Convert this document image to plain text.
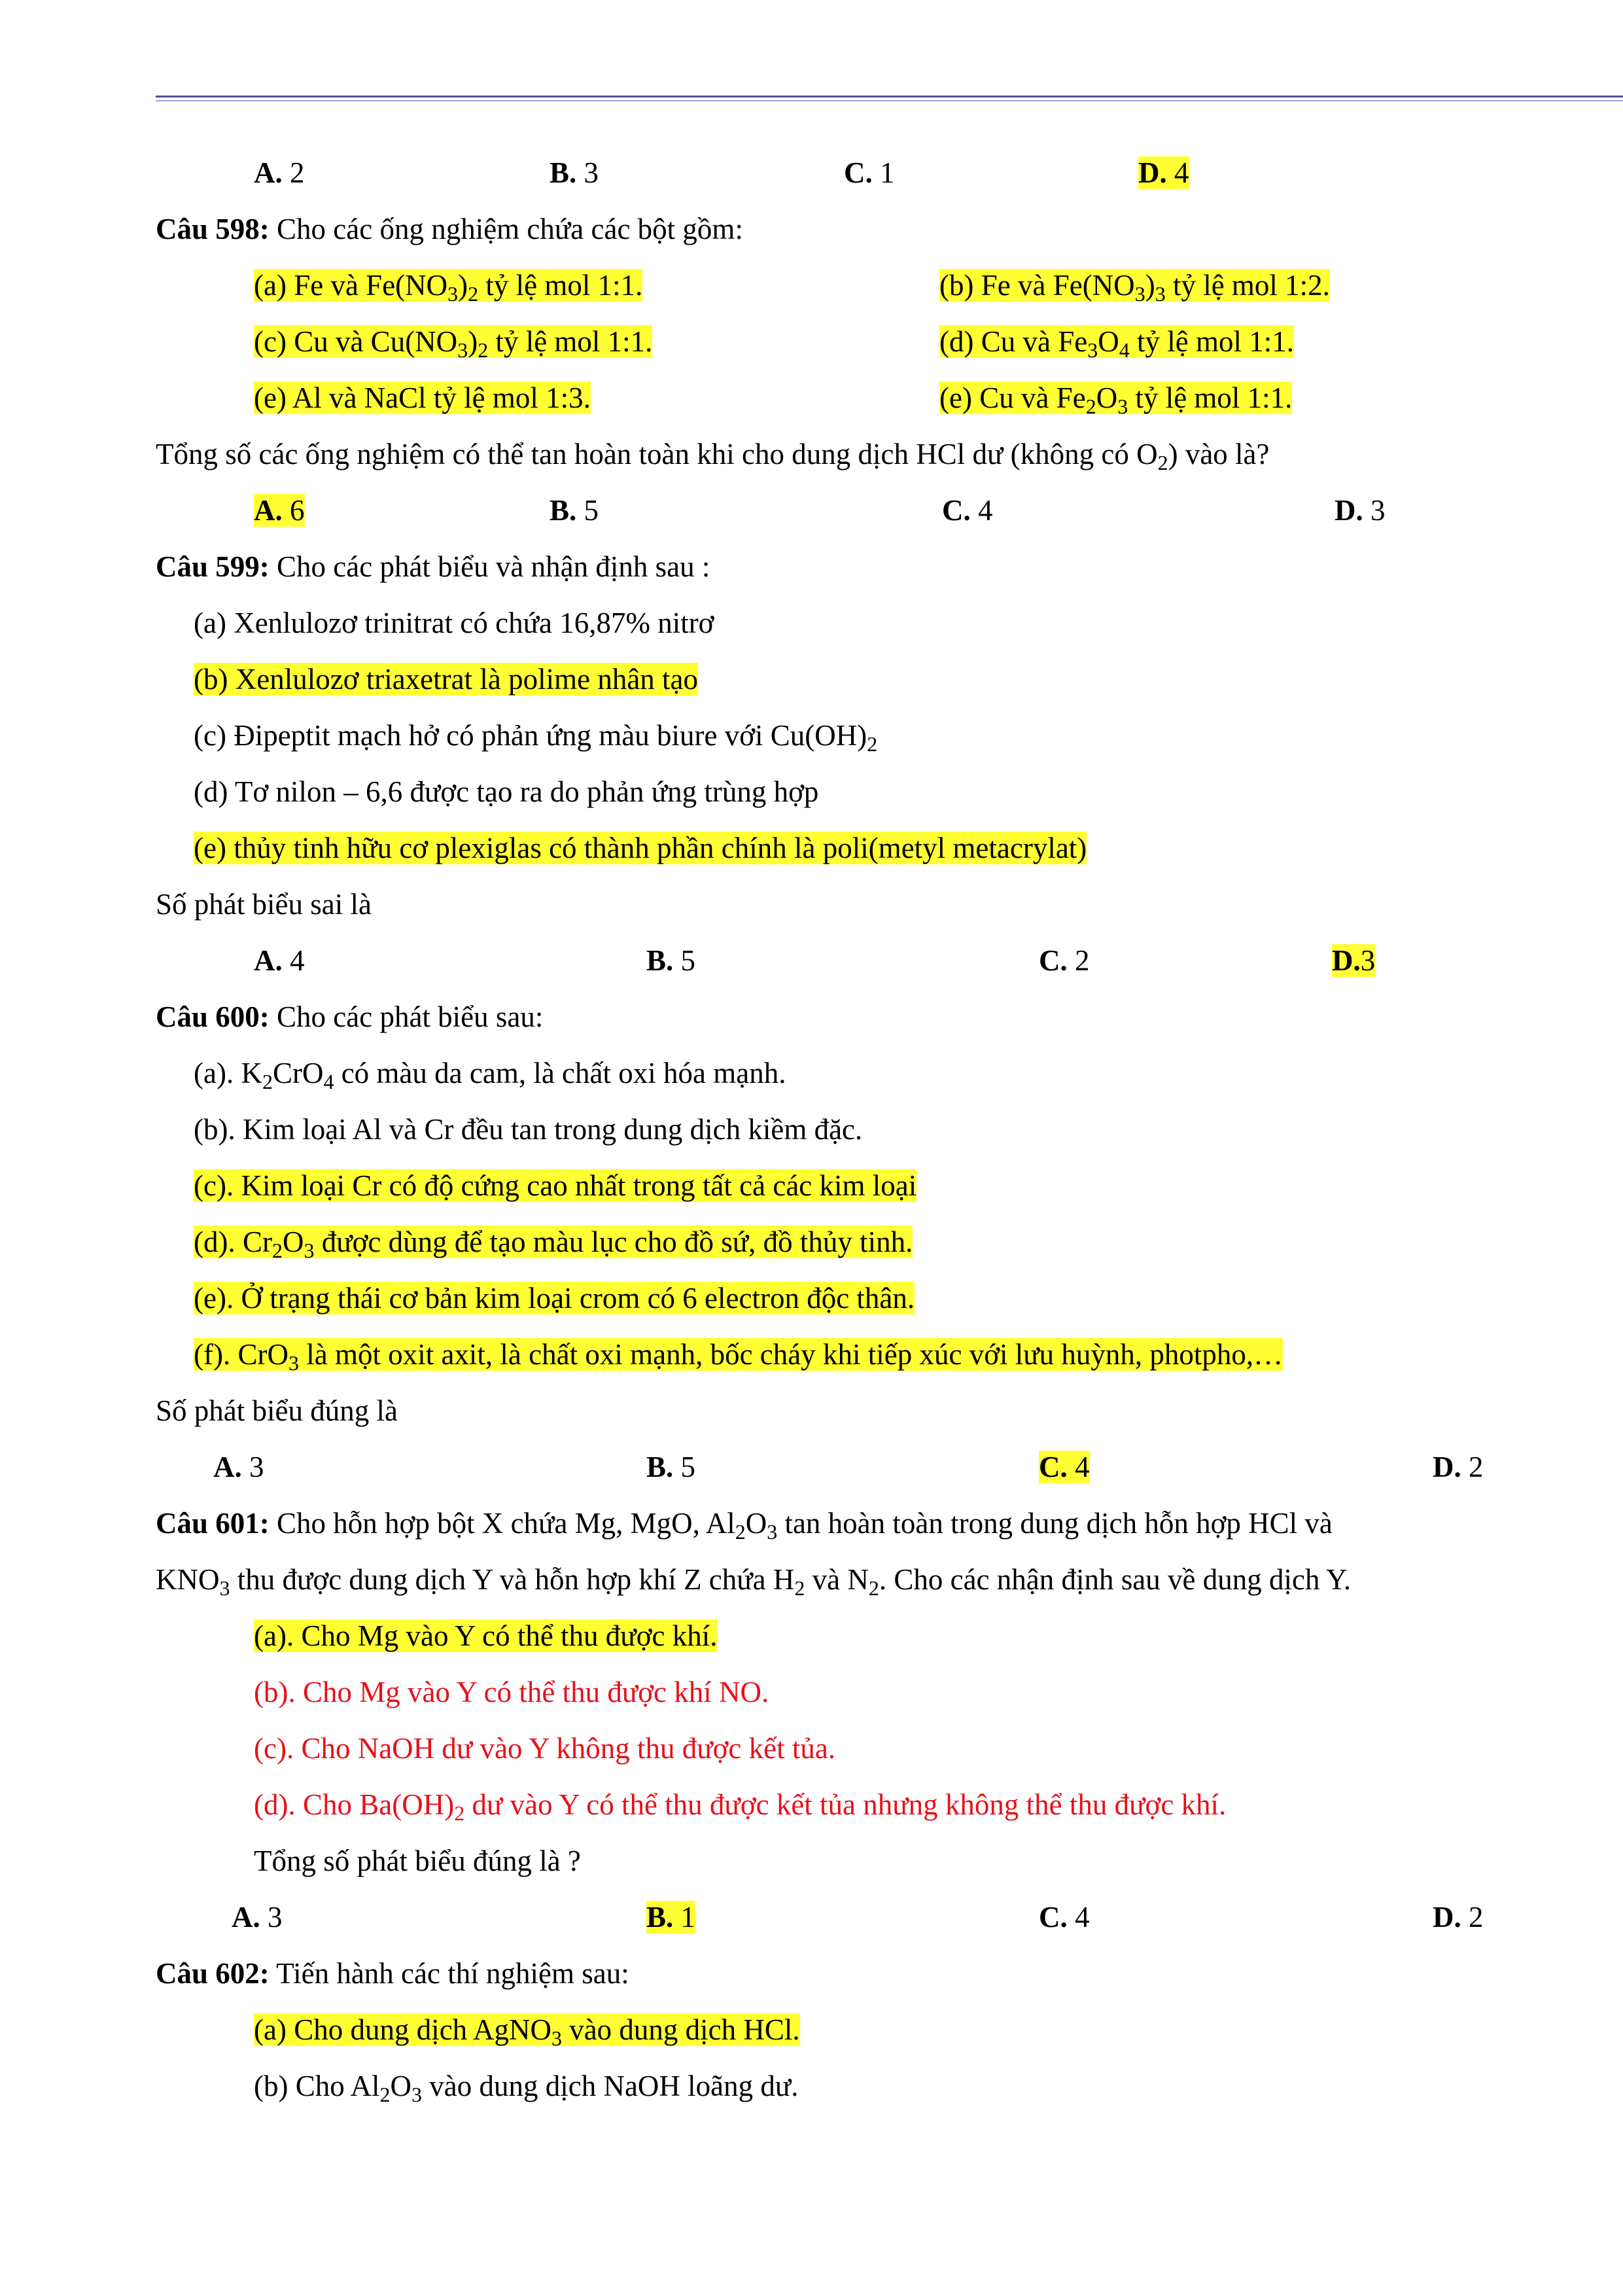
A. 2	B. 3	C. 1	D. 4
Câu 598: Cho các ống nghiệm chứa các bột gồm:
(a) Fe và $Fe(NO_3)_2$ tỷ lệ mol 1:1.	(b) Fe và $Fe(NO_3)_3$ tỷ lệ mol 1:2.
(c) Cu và $Cu(NO_3)_2$ tỷ lệ mol 1:1.	(d) Cu và $Fe_3O_4$ tỷ lệ mol 1:1.
(e) Al và NaCl tỷ lệ mol 1:3.	(e) Cu và $Fe_2O_3$ tỷ lệ mol 1:1.
Tổng số các ống nghiệm có thể tan hoàn toàn khi cho dung dịch HCl dư (không có $O_2$) vào là?
A. 6	B. 5	C. 4	D. 3
Câu 599: Cho các phát biểu và nhận định sau :
(a) Xenlulozơ trinitrat có chứa 16,87% nitrơ
(b) Xenlulozơ triaxetrat là polime nhân tạo
(c) Đipeptit mạch hở có phản ứng màu biure với $Cu(OH)_2$
(d) Tơ nilon – 6,6 được tạo ra do phản ứng trùng hợp
(e) thủy tinh hữu cơ plexiglas có thành phần chính là poli(metyl metacrylat)
Số phát biểu sai là
A. 4	B. 5	C. 2	D.3
Câu 600: Cho các phát biểu sau:
(a). $K_2CrO_4$ có màu da cam, là chất oxi hóa mạnh.
(b). Kim loại Al và Cr đều tan trong dung dịch kiềm đặc.
(c). Kim loại Cr có độ cứng cao nhất trong tất cả các kim loại
(d). $Cr_2O_3$ được dùng để tạo màu lục cho đồ sứ, đồ thủy tinh.
(e). Ở trạng thái cơ bản kim loại crom có 6 electron độc thân.
(f). CrO$_3$ là một oxit axit, là chất oxi mạnh, bốc cháy khi tiếp xúc với lưu huỳnh, photpho,…
Số phát biểu đúng là
A. 3	B. 5	C. 4	D. 2
Câu 601: Cho hỗn hợp bột X chứa Mg, MgO, $Al_2O_3$ tan hoàn toàn trong dung dịch hỗn hợp HCl và
$KNO_3$ thu được dung dịch Y và hỗn hợp khí Z chứa $H_2$ và $N_2$. Cho các nhận định sau về dung dịch Y.
(a). Cho Mg vào Y có thể thu được khí.
(b). Cho Mg vào Y có thể thu được khí NO.
(c). Cho NaOH dư vào Y không thu được kết tủa.
(d). Cho $Ba(OH)_2$ dư vào Y có thể thu được kết tủa nhưng không thể thu được khí.
Tổng số phát biểu đúng là ?
A. 3	B. 1	C. 4	D. 2
Câu 602: Tiến hành các thí nghiệm sau:
(a) Cho dung dịch AgNO$_3$ vào dung dịch HCl.
(b) Cho $Al_2O_3$ vào dung dịch NaOH loãng dư.
